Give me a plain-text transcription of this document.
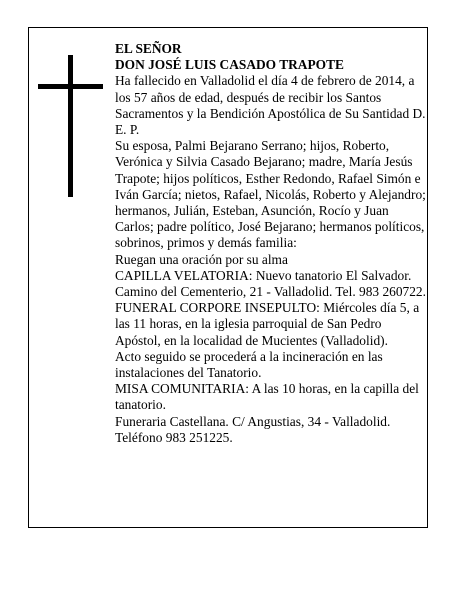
EL SEÑOR

DON JOSÉ LUIS CASADO TRAPOTE

Ha fallecido en Valladolid el día 4 de febrero de 2014, a los 57 años de edad, después de recibir los Santos Sacramentos y la Bendición Apostólica de Su Santidad D. E. P.

Su esposa, Palmi Bejarano Serrano; hijos, Roberto, Verónica y Silvia Casado Bejarano; madre, María Jesús Trapote; hijos políticos, Esther Redondo, Rafael Simón e Iván García; nietos, Rafael, Nicolás, Roberto y Alejandro; hermanos, Julián, Esteban, Asunción, Rocío y Juan Carlos; padre político, José Bejarano; hermanos políticos, sobrinos, primos y demás familia:

Ruegan una oración por su alma

CAPILLA VELATORIA: Nuevo tanatorio El Salvador. Camino del Cementerio, 21 - Valladolid. Tel. 983 260722.

FUNERAL CORPORE INSEPULTO: Miércoles día 5, a las 11 horas, en la iglesia parroquial de San Pedro Apóstol, en la localidad de Mucientes (Valladolid).

Acto seguido se procederá a la incineración en las instalaciones del Tanatorio.

MISA COMUNITARIA: A las 10 horas, en la capilla del tanatorio.

Funeraria Castellana. C/ Angustias, 34 - Valladolid. Teléfono 983 251225.
